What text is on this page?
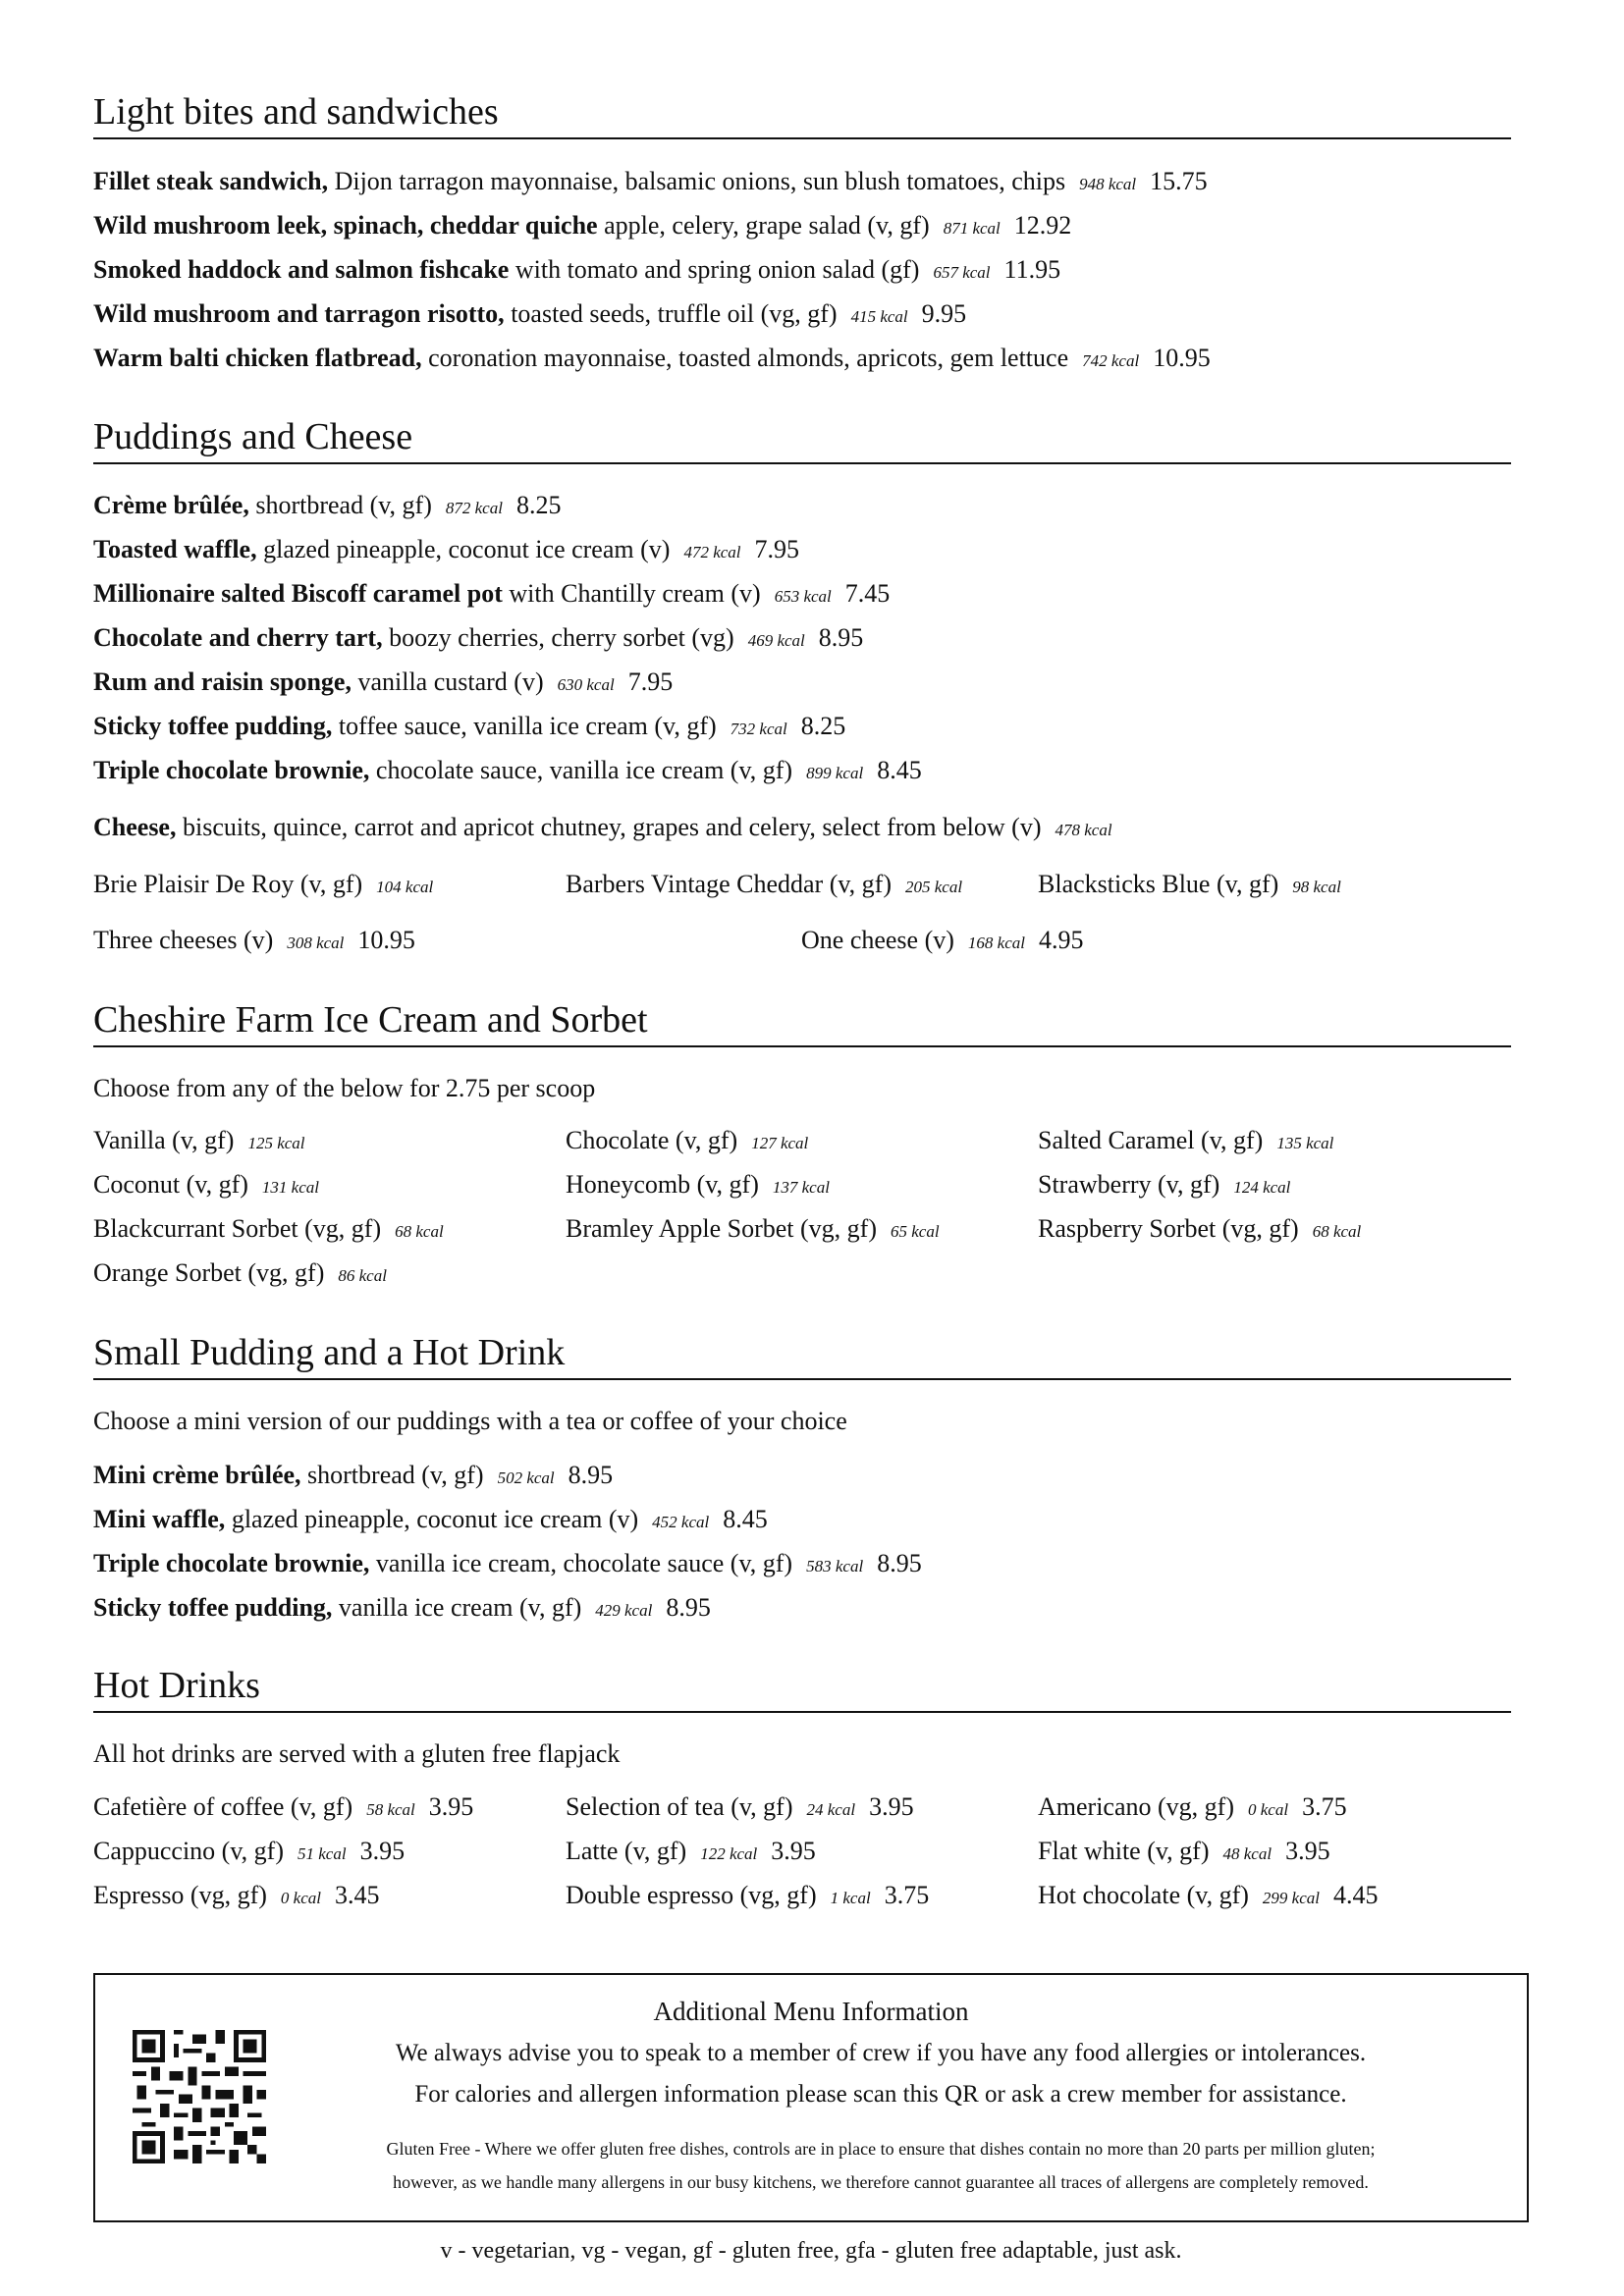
Light bites and sandwiches
Fillet steak sandwich, Dijon tarragon mayonnaise, balsamic onions, sun blush tomatoes, chips 948 kcal 15.75
Wild mushroom leek, spinach, cheddar quiche apple, celery, grape salad (v, gf) 871 kcal 12.92
Smoked haddock and salmon fishcake with tomato and spring onion salad (gf) 657 kcal 11.95
Wild mushroom and tarragon risotto, toasted seeds, truffle oil (vg, gf) 415 kcal 9.95
Warm balti chicken flatbread, coronation mayonnaise, toasted almonds, apricots, gem lettuce 742 kcal 10.95
Puddings and Cheese
Crème brûlée, shortbread (v, gf) 872 kcal 8.25
Toasted waffle, glazed pineapple, coconut ice cream (v) 472 kcal 7.95
Millionaire salted Biscoff caramel pot with Chantilly cream (v) 653 kcal 7.45
Chocolate and cherry tart, boozy cherries, cherry sorbet (vg) 469 kcal 8.95
Rum and raisin sponge, vanilla custard (v) 630 kcal 7.95
Sticky toffee pudding, toffee sauce, vanilla ice cream (v, gf) 732 kcal 8.25
Triple chocolate brownie, chocolate sauce, vanilla ice cream (v, gf) 899 kcal 8.45
Cheese, biscuits, quince, carrot and apricot chutney, grapes and celery, select from below (v) 478 kcal
Brie Plaisir De Roy (v, gf) 104 kcal	Barbers Vintage Cheddar (v, gf) 205 kcal	Blacksticks Blue (v, gf) 98 kcal
Three cheeses (v) 308 kcal 10.95	One cheese (v) 168 kcal 4.95
Cheshire Farm Ice Cream and Sorbet
Choose from any of the below for 2.75 per scoop
Vanilla (v, gf) 125 kcal	Chocolate (v, gf) 127 kcal	Salted Caramel (v, gf) 135 kcal
Coconut (v, gf) 131 kcal	Honeycomb (v, gf) 137 kcal	Strawberry (v, gf) 124 kcal
Blackcurrant Sorbet (vg, gf) 68 kcal	Bramley Apple Sorbet (vg, gf) 65 kcal	Raspberry Sorbet (vg, gf) 68 kcal
Orange Sorbet (vg, gf) 86 kcal
Small Pudding and a Hot Drink
Choose a mini version of our puddings with a tea or coffee of your choice
Mini crème brûlée, shortbread (v, gf) 502 kcal 8.95
Mini waffle, glazed pineapple, coconut ice cream (v) 452 kcal 8.45
Triple chocolate brownie, vanilla ice cream, chocolate sauce (v, gf) 583 kcal 8.95
Sticky toffee pudding, vanilla ice cream (v, gf) 429 kcal 8.95
Hot Drinks
All hot drinks are served with a gluten free flapjack
Cafetière of coffee (v, gf) 58 kcal 3.95	Selection of tea (v, gf) 24 kcal 3.95	Americano (vg, gf) 0 kcal 3.75
Cappuccino (v, gf) 51 kcal 3.95	Latte (v, gf) 122 kcal 3.95	Flat white (v, gf) 48 kcal 3.95
Espresso (vg, gf) 0 kcal 3.45	Double espresso (vg, gf) 1 kcal 3.75	Hot chocolate (v, gf) 299 kcal 4.45
Additional Menu Information
We always advise you to speak to a member of crew if you have any food allergies or intolerances.
For calories and allergen information please scan this QR or ask a crew member for assistance.
Gluten Free - Where we offer gluten free dishes, controls are in place to ensure that dishes contain no more than 20 parts per million gluten;
however, as we handle many allergens in our busy kitchens, we therefore cannot guarantee all traces of allergens are completely removed.
v - vegetarian, vg - vegan, gf - gluten free, gfa - gluten free adaptable, just ask.
